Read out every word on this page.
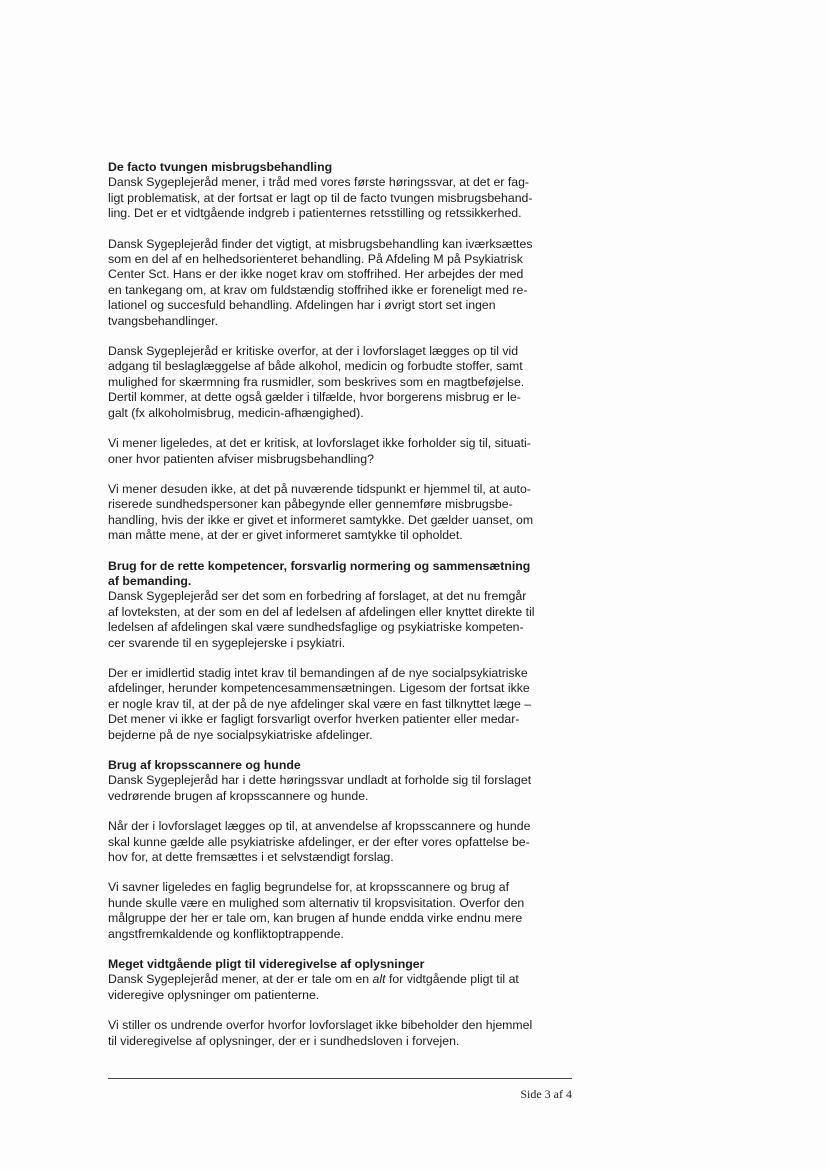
De facto tvungen misbrugsbehandling
Dansk Sygeplejeråd mener, i tråd med vores første høringssvar, at det er fag-
ligt problematisk, at der fortsat er lagt op til de facto tvungen misbrugsbehand-
ling. Det er et vidtgående indgreb i patienternes retsstilling og retssikkerhed.
Dansk Sygeplejeråd finder det vigtigt, at misbrugsbehandling kan iværksættes
som en del af en helhedsorienteret behandling. På Afdeling M på Psykiatrisk
Center Sct. Hans er der ikke noget krav om stoffrihed. Her arbejdes der med
en tankegang om, at krav om fuldstændig stoffrihed ikke er foreneligt med re-
lationel og succesfuld behandling. Afdelingen har i øvrigt stort set ingen
tvangsbehandlinger.
Dansk Sygeplejeråd er kritiske overfor, at der i lovforslaget lægges op til vid
adgang til beslaglæggelse af både alkohol, medicin og forbudte stoffer, samt
mulighed for skærmning fra rusmidler, som beskrives som en magtbeføjelse.
Dertil kommer, at dette også gælder i tilfælde, hvor borgerens misbrug er le-
galt (fx alkoholmisbrug, medicin-afhængighed).
Vi mener ligeledes, at det er kritisk, at lovforslaget ikke forholder sig til, situati-
oner hvor patienten afviser misbrugsbehandling?
Vi mener desuden ikke, at det på nuværende tidspunkt er hjemmel til, at auto-
riserede sundhedspersoner kan påbegynde eller gennemføre misbrugsbe-
handling, hvis der ikke er givet et informeret samtykke. Det gælder uanset, om
man måtte mene, at der er givet informeret samtykke til opholdet.
Brug for de rette kompetencer, forsvarlig normering og sammensætning
af bemanding.
Dansk Sygeplejeråd ser det som en forbedring af forslaget, at det nu fremgår
af lovteksten, at der som en del af ledelsen af afdelingen eller knyttet direkte til
ledelsen af afdelingen skal være sundhedsfaglige og psykiatriske kompeten-
cer svarende til en sygeplejerske i psykiatri.
Der er imidlertid stadig intet krav til bemandingen af de nye socialpsykiatriske
afdelinger, herunder kompetencesammensætningen. Ligesom der fortsat ikke
er nogle krav til, at der på de nye afdelinger skal være en fast tilknyttet læge –
Det mener vi ikke er fagligt forsvarligt overfor hverken patienter eller medar-
bejderne på de nye socialpsykiatriske afdelinger.
Brug af kropsscannere og hunde
Dansk Sygeplejeråd har i dette høringssvar undladt at forholde sig til forslaget
vedrørende brugen af kropsscannere og hunde.
Når der i lovforslaget lægges op til, at anvendelse af kropsscannere og hunde
skal kunne gælde alle psykiatriske afdelinger, er der efter vores opfattelse be-
hov for, at dette fremsættes i et selvstændigt forslag.
Vi savner ligeledes en faglig begrundelse for, at kropsscannere og brug af
hunde skulle være en mulighed som alternativ til kropsvisitation. Overfor den
målgruppe der her er tale om, kan brugen af hunde endda virke endnu mere
angstfremkaldende og konfliktoptrappende.
Meget vidtgående pligt til videregivelse af oplysninger
Dansk Sygeplejeråd mener, at der er tale om en alt for vidtgående pligt til at
videregive oplysninger om patienterne.
Vi stiller os undrende overfor hvorfor lovforslaget ikke bibeholder den hjemmel
til videregivelse af oplysninger, der er i sundhedsloven i forvejen.
Side 3 af 4
